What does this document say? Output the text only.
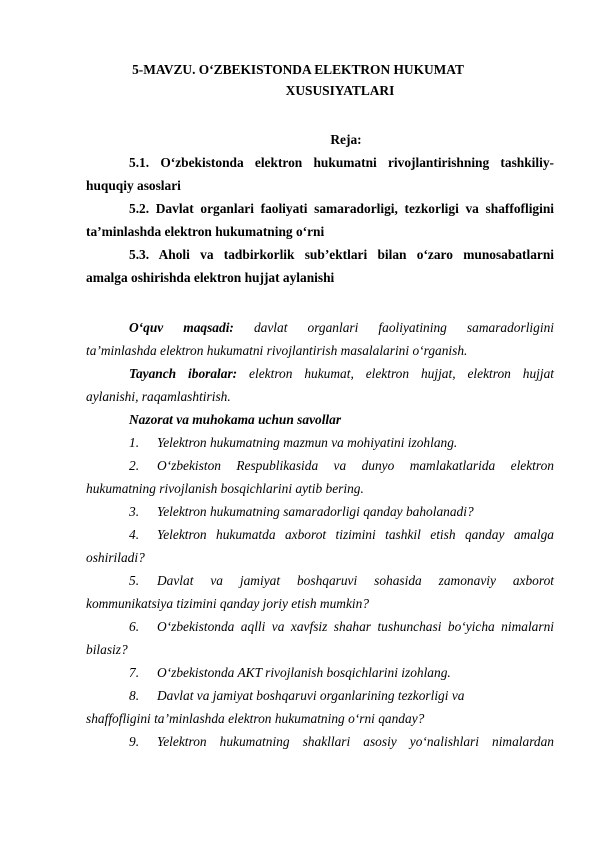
5-MAVZU. O‘ZBEKISTONDA ELEKTRON HUKUMAT
XUSUSIYATLARI
Reja:
5.1. O‘zbekistonda elektron hukumatni rivojlantirishning tashkiliy-
huquqiy asoslari
5.2. Davlat organlari faoliyati samaradorligi, tezkorligi va shaffofligini
ta’minlashda elektron hukumatning o‘rni
5.3. Aholi va tadbirkorlik sub’ektlari bilan o‘zaro munosabatlarni
amalga oshirishda elektron hujjat aylanishi
O‘quv maqsadi: davlat organlari faoliyatining samaradorligini
ta’minlashda elektron hukumatni rivojlantirish masalalarini o‘rganish.
Tayanch iboralar: elektron hukumat, elektron hujjat, elektron hujjat
aylanishi, raqamlashtirish.
Nazorat va muhokama uchun savollar
1. Yelektron hukumatning mazmun va mohiyatini izohlang.
2. O‘zbekiston Respublikasida va dunyo mamlakatlarida elektron
hukumatning rivojlanish bosqichlarini aytib bering.
3. Yelektron hukumatning samaradorligi qanday baholanadi?
4. Yelektron hukumatda axborot tizimini tashkil etish qanday amalga
oshiriladi?
5. Davlat va jamiyat boshqaruvi sohasida zamonaviy axborot
kommunikatsiya tizimini qanday joriy etish mumkin?
6. O‘zbekistonda aqlli va xavfsiz shahar tushunchasi bo‘yicha nimalarni
bilasiz?
7. O‘zbekistonda AKT rivojlanish bosqichlarini izohlang.
8. Davlat va jamiyat boshqaruvi organlarining tezkorligi va
shaffofligini ta’minlashda elektron hukumatning o‘rni qanday?
9. Yelektron hukumatning shakllari asosiy yo‘nalishlari nimalardan
